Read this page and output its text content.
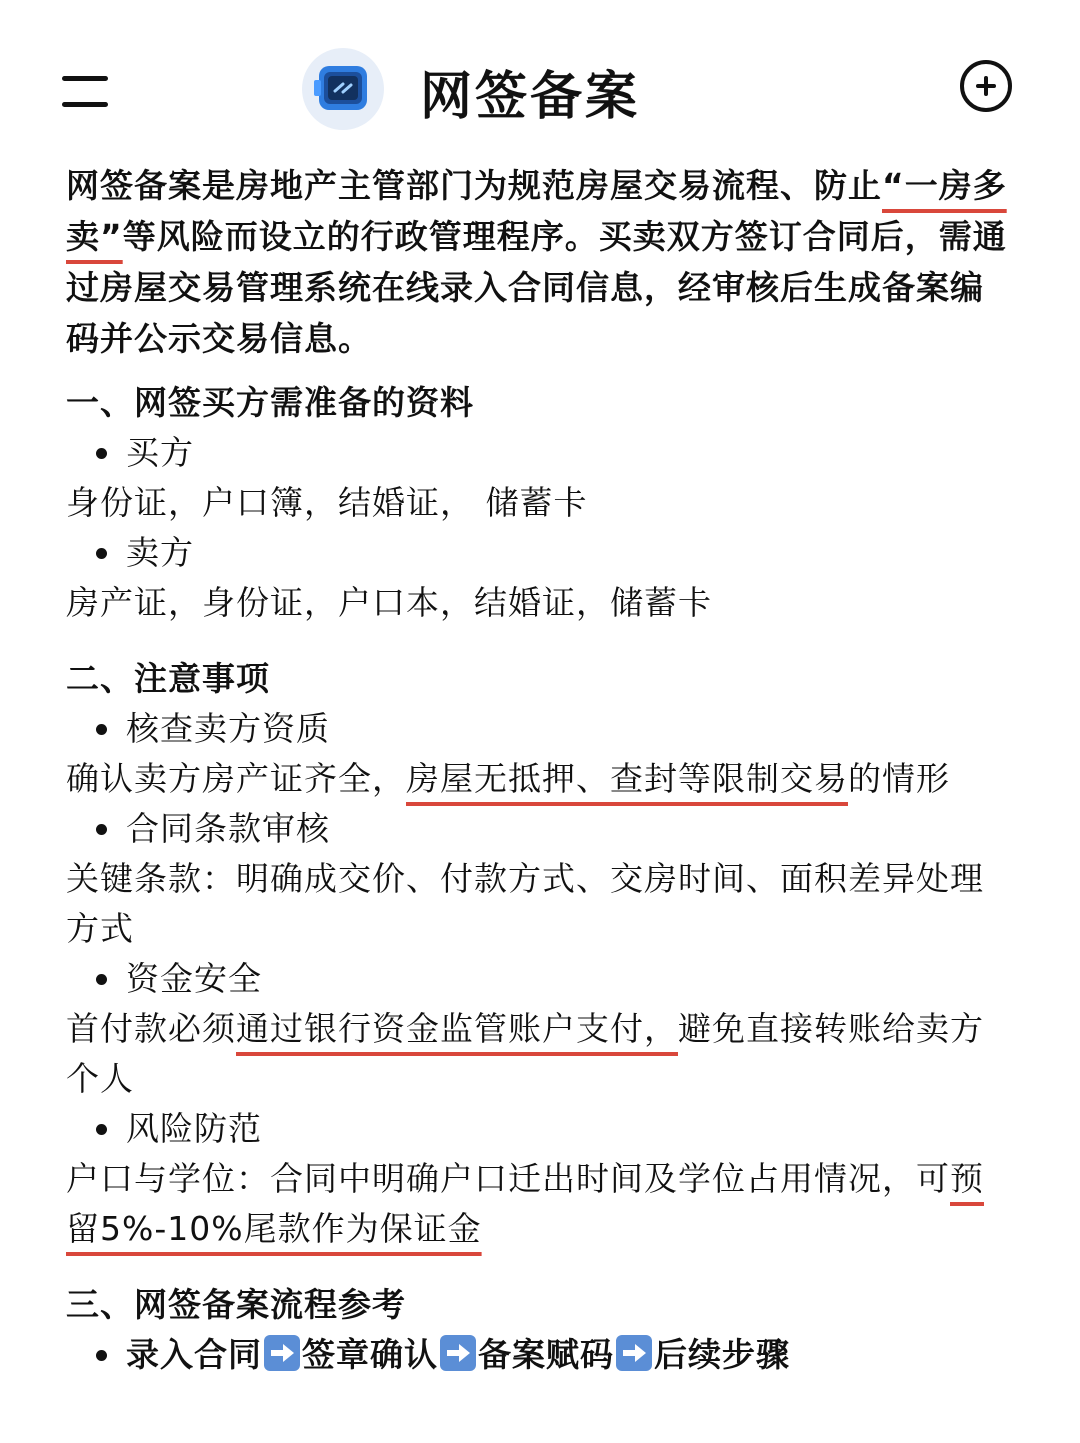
网签备案

网签备案是房地产主管部门为规范房屋交易流程、防止“一房多卖”等风险而设立的行政管理程序。买卖双方签订合同后，需通过房屋交易管理系统在线录入合同信息，经审核后生成备案编码并公示交易信息。

一、网签买方需准备的资料

买方

身份证，户口簿，结婚证， 储蓄卡

卖方

房产证，身份证，户口本，结婚证，储蓄卡

二、注意事项

核查卖方资质

确认卖方房产证齐全，房屋无抵押、查封等限制交易的情形

合同条款审核

关键条款：明确成交价、付款方式、交房时间、面积差异处理方式

资金安全

首付款必须通过银行资金监管账户支付，避免直接转账给卖方个人

风险防范

户口与学位：合同中明确户口迁出时间及学位占用情况，可预留5%-10%尾款作为保证金

三、网签备案流程参考

录入合同 签章确认 备案赋码 后续步骤
